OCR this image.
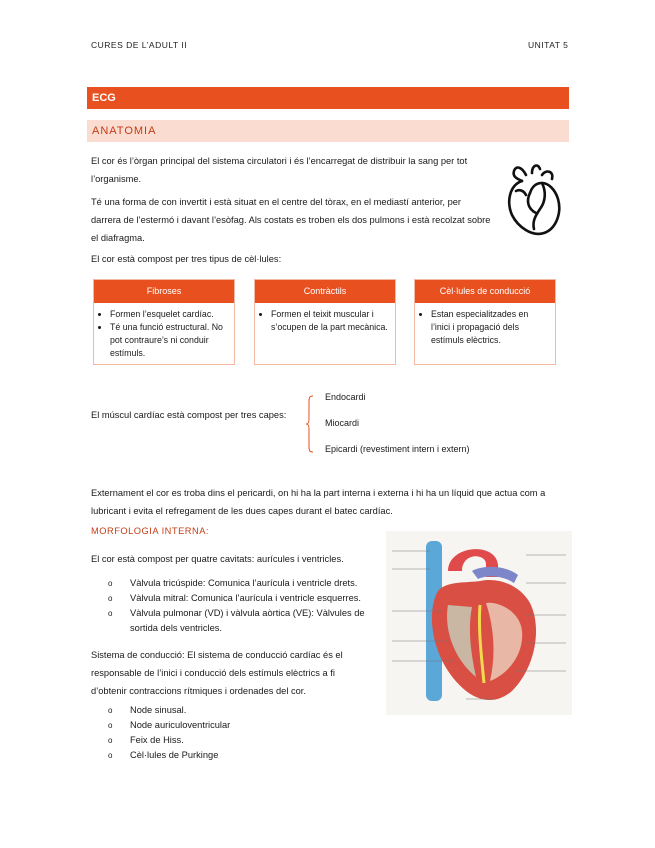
CURES DE L’ADULT II	UNITAT 5
ECG
ANATOMIA
El cor és l’òrgan principal del sistema circulatori i és l’encarregat de distribuir la sang per tot l’organisme.
Té una forma de con invertit i està situat en el centre del tòrax, en el mediastí anterior, per darrera de l’estermó i davant l’esòfag. Als costats es troben els dos pulmons i està recolzat sobre el diafragma.
El cor està compost per tres tipus de cèl·lules:
Fibroses
• Formen l’esquelet cardíac.
• Té una funció estructural. No pot contraure’s ni conduir estímuls.
Contràctils
• Formen el teixit muscular i s’ocupen de la part mecànica.
Cèl·lules de conducció
• Estan especialitzades en l’inici i propagació dels estímuls elèctrics.
El múscul cardíac està compost per tres capes:
Endocardi
Miocardi
Epicardi (revestiment intern i extern)
Externament el cor es troba dins el pericardi, on hi ha la part interna i externa i hi ha un líquid que actua com a lubricant i evita el refregament de les dues capes durant el batec cardíac.
MORFOLOGIA INTERNA:
El cor està compost per quatre cavitats: aurícules i ventricles.
o Vàlvula tricúspide: Comunica l’aurícula i ventricle drets.
o Vàlvula mitral: Comunica l’aurícula i ventricle esquerres.
o Vàlvula pulmonar (VD) i vàlvula aòrtica (VE): Vàlvules de sortida dels ventricles.
Sistema de conducció: El sistema de conducció cardíac és el responsable de l’inici i conducció dels estímuls elèctrics a fi d’obtenir contraccions rítmiques i ordenades del cor.
o Node sinusal.
o Node auriculoventricular
o Feix de Hiss.
o Cèl·lules de Purkinge
